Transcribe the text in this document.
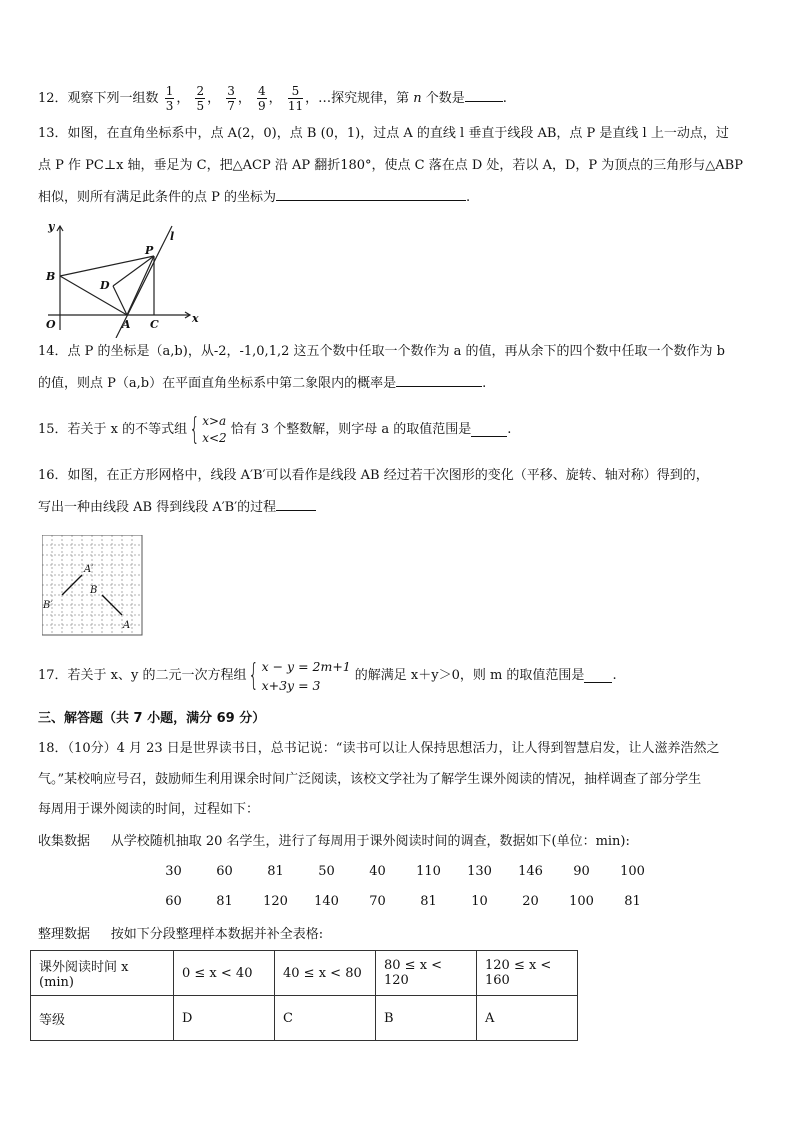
12．观察下列一组数 $\frac{1}{3}$ ， $\frac{2}{5}$ ， $\frac{3}{7}$ ， $\frac{4}{9}$ ， $\frac{5}{11}$ ，…探究规律，第 n 个数是	.
13．如图，在直角坐标系中，点 A(2，0)，点 B (0，1)，过点 A 的直线 l 垂直于线段 AB，点 P 是直线 l 上一动点，过
点 P 作 PC⊥x 轴，垂足为 C，把△ACP 沿 AP 翻折180°，使点 C 落在点 D 处，若以 A，D，P 为顶点的三角形与△ABP
相似，则所有满足此条件的点 P 的坐标为	.
y
x
O
B
D
P
l
A C
14．点 P 的坐标是（a,b)，从-2，-1,0,1,2 这五个数中任取一个数作为 a 的值，再从余下的四个数中任取一个数作为 b
的值，则点 P（a,b）在平面直角坐标系中第二象限内的概率是	.
15．若关于 x 的不等式组 { x>a
x<2
恰有 3 个整数解，则字母 a 的取值范围是	.
16．如图，在正方形网格中，线段 A′B′可以看作是线段 AB 经过若干次图形的变化（平移、旋转、轴对称）得到的，
写出一种由线段 AB 得到线段 A′B′的过程
A′
B′
B
A
17．若关于 x、y 的二元一次方程组 { x − y = 2m+1
x+3y = 3
的解满足 x＋y＞0，则 m 的取值范围是 .
三、解答题（共 7 小题，满分 69 分）
18．（10分）4 月 23 日是世界读书日，总书记说：“读书可以让人保持思想活力，让人得到智慧启发，让人滋养浩然之
气。”某校响应号召，鼓励师生利用课余时间广泛阅读，该校文学社为了解学生课外阅读的情况，抽样调查了部分学生
每周用于课外阅读的时间，过程如下：
收集数据 从学校随机抽取 20 名学生，进行了每周用于课外阅读时间的调查，数据如下(单位：min):
30	60	81	50	40	110	130	146	90	100
60	81	120	140	70	81	10	20	100	81
整理数据 按如下分段整理样本数据并补全表格:
课外阅读时间 x (min)	0 ≤ x < 40	40 ≤ x < 80	80 ≤ x < 120	120 ≤ x < 160
等级	D	C	B	A
